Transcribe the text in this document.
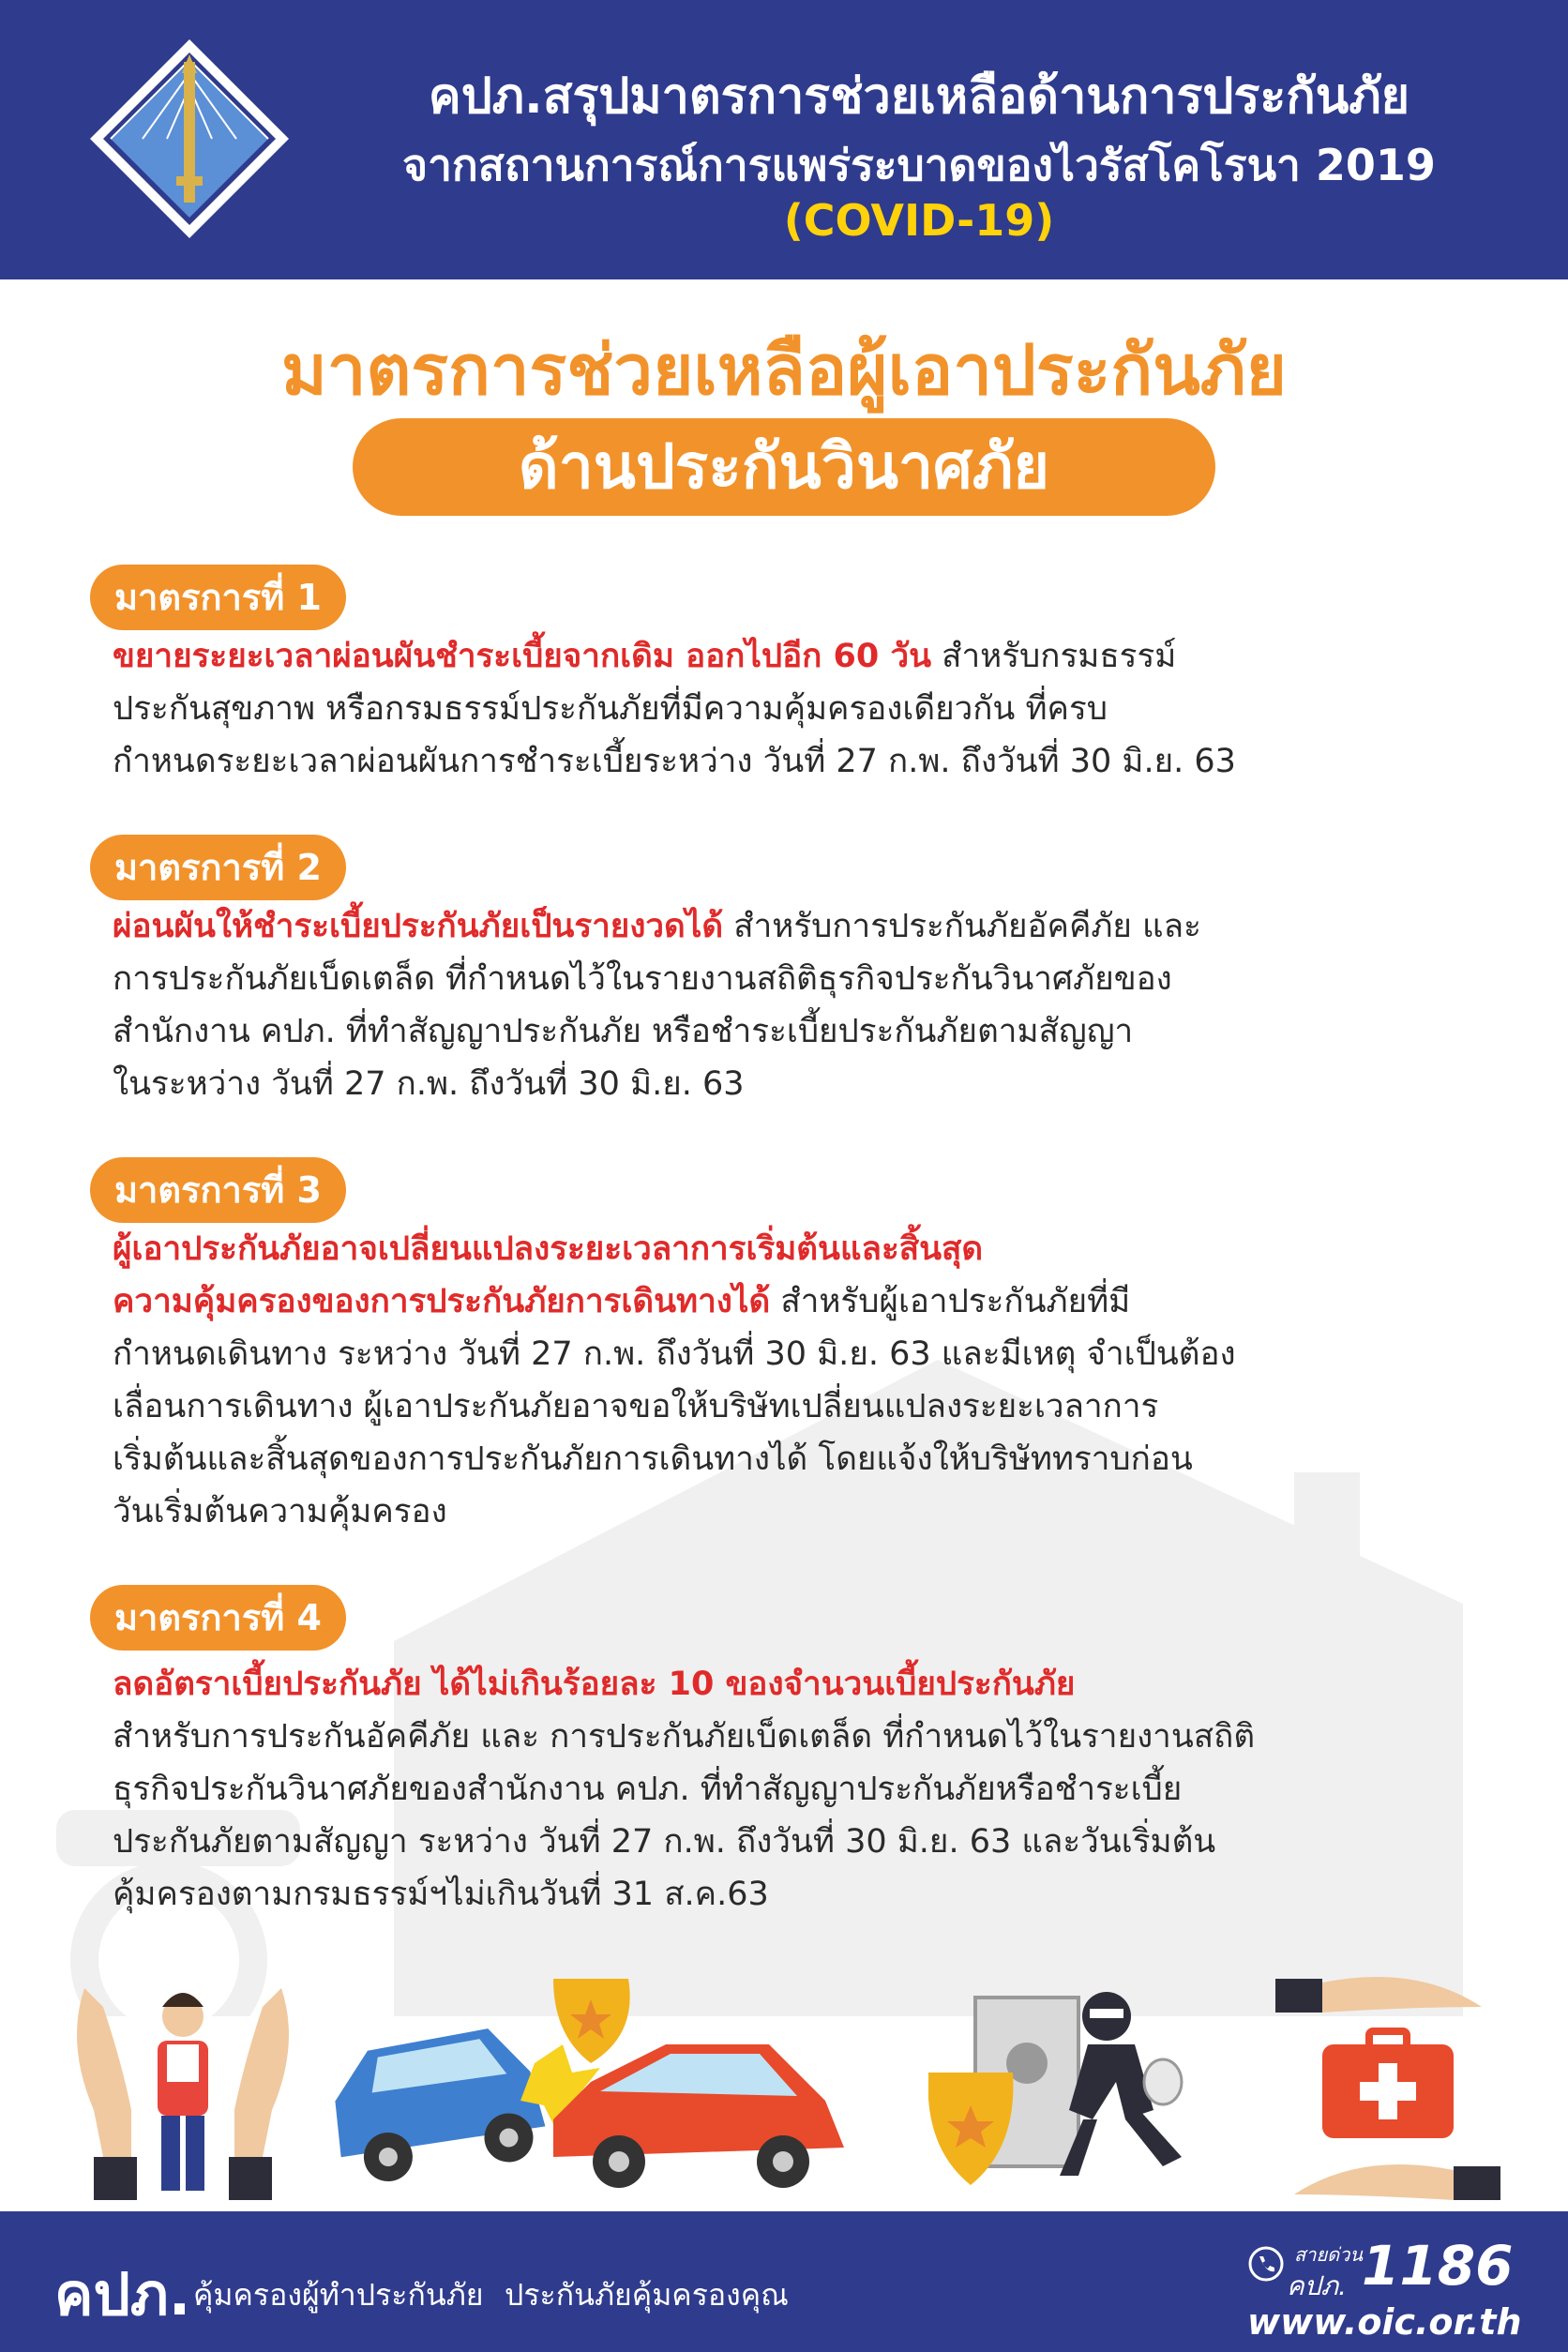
คปภ.สรุปมาตรการช่วยเหลือด้านการประกันภัย
จากสถานการณ์การแพร่ระบาดของไวรัสโคโรนา 2019
(COVID-19)
มาตรการช่วยเหลือผู้เอาประกันภัย
ด้านประกันวินาศภัย
มาตรการที่ 1
ขยายระยะเวลาผ่อนผันชำระเบี้ยจากเดิม ออกไปอีก 60 วัน สำหรับกรมธรรม์
ประกันสุขภาพ หรือกรมธรรม์ประกันภัยที่มีความคุ้มครองเดียวกัน ที่ครบ
กำหนดระยะเวลาผ่อนผันการชำระเบี้ยระหว่าง วันที่ 27 ก.พ. ถึงวันที่ 30 มิ.ย. 63
มาตรการที่ 2
ผ่อนผันให้ชำระเบี้ยประกันภัยเป็นรายงวดได้ สำหรับการประกันภัยอัคคีภัย และ
การประกันภัยเบ็ดเตล็ด ที่กำหนดไว้ในรายงานสถิติธุรกิจประกันวินาศภัยของ
สำนักงาน คปภ. ที่ทำสัญญาประกันภัย หรือชำระเบี้ยประกันภัยตามสัญญา
ในระหว่าง วันที่ 27 ก.พ. ถึงวันที่ 30 มิ.ย. 63
มาตรการที่ 3
ผู้เอาประกันภัยอาจเปลี่ยนแปลงระยะเวลาการเริ่มต้นและสิ้นสุด
ความคุ้มครองของการประกันภัยการเดินทางได้ สำหรับผู้เอาประกันภัยที่มี
กำหนดเดินทาง ระหว่าง วันที่ 27 ก.พ. ถึงวันที่ 30 มิ.ย. 63 และมีเหตุ จำเป็นต้อง
เลื่อนการเดินทาง ผู้เอาประกันภัยอาจขอให้บริษัทเปลี่ยนแปลงระยะเวลาการ
เริ่มต้นและสิ้นสุดของการประกันภัยการเดินทางได้ โดยแจ้งให้บริษัททราบก่อน
วันเริ่มต้นความคุ้มครอง
มาตรการที่ 4
ลดอัตราเบี้ยประกันภัย ได้ไม่เกินร้อยละ 10 ของจำนวนเบี้ยประกันภัย
สำหรับการประกันอัคคีภัย และ การประกันภัยเบ็ดเตล็ด ที่กำหนดไว้ในรายงานสถิติ
ธุรกิจประกันวินาศภัยของสำนักงาน คปภ. ที่ทำสัญญาประกันภัยหรือชำระเบี้ย
ประกันภัยตามสัญญา ระหว่าง วันที่ 27 ก.พ. ถึงวันที่ 30 มิ.ย. 63 และวันเริ่มต้น
คุ้มครองตามกรมธรรม์ฯไม่เกินวันที่ 31 ส.ค.63
คปภ. คุ้มครองผู้ทำประกันภัย ประกันภัยคุ้มครองคุณ
สายด่วน
คปภ. 1186
www.oic.or.th
